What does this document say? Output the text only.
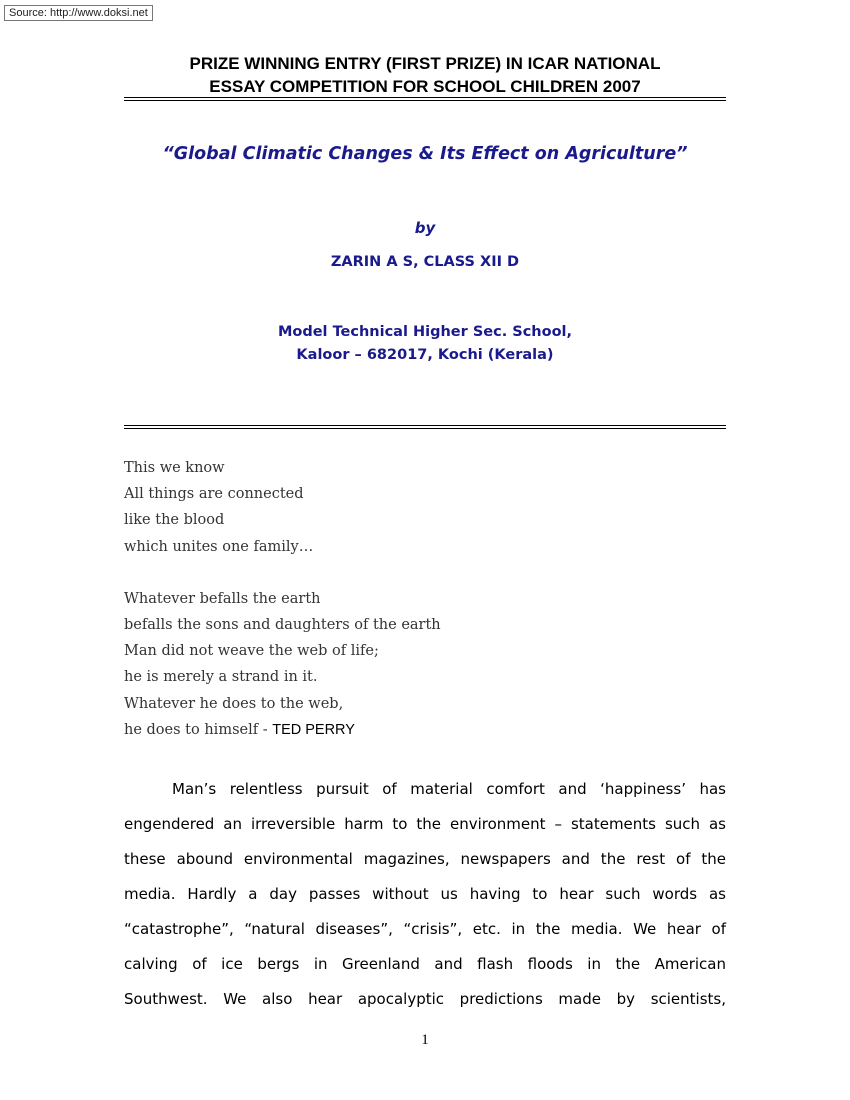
Source: http://www.doksi.net
PRIZE WINNING ENTRY (FIRST PRIZE) IN ICAR NATIONAL
ESSAY COMPETITION FOR SCHOOL CHILDREN 2007
“Global Climatic Changes & Its Effect on Agriculture”
by
ZARIN A S, CLASS XII D
Model Technical Higher Sec. School,
Kaloor – 682017, Kochi (Kerala)
This we know
All things are connected
like the blood
which unites one family…
Whatever befalls the earth
befalls the sons and daughters of the earth
Man did not weave the web of life;
he is merely a strand in it.
Whatever he does to the web,
he does to himself - TED PERRY
Man’s relentless pursuit of material comfort and ‘happiness’ has
engendered an irreversible harm to the environment – statements such as
these abound environmental magazines, newspapers and the rest of the
media. Hardly a day passes without us having to hear such words as
“catastrophe”, “natural diseases”, “crisis”, etc. in the media. We hear of
calving of ice bergs in Greenland and flash floods in the American
Southwest. We also hear apocalyptic predictions made by scientists,
1
